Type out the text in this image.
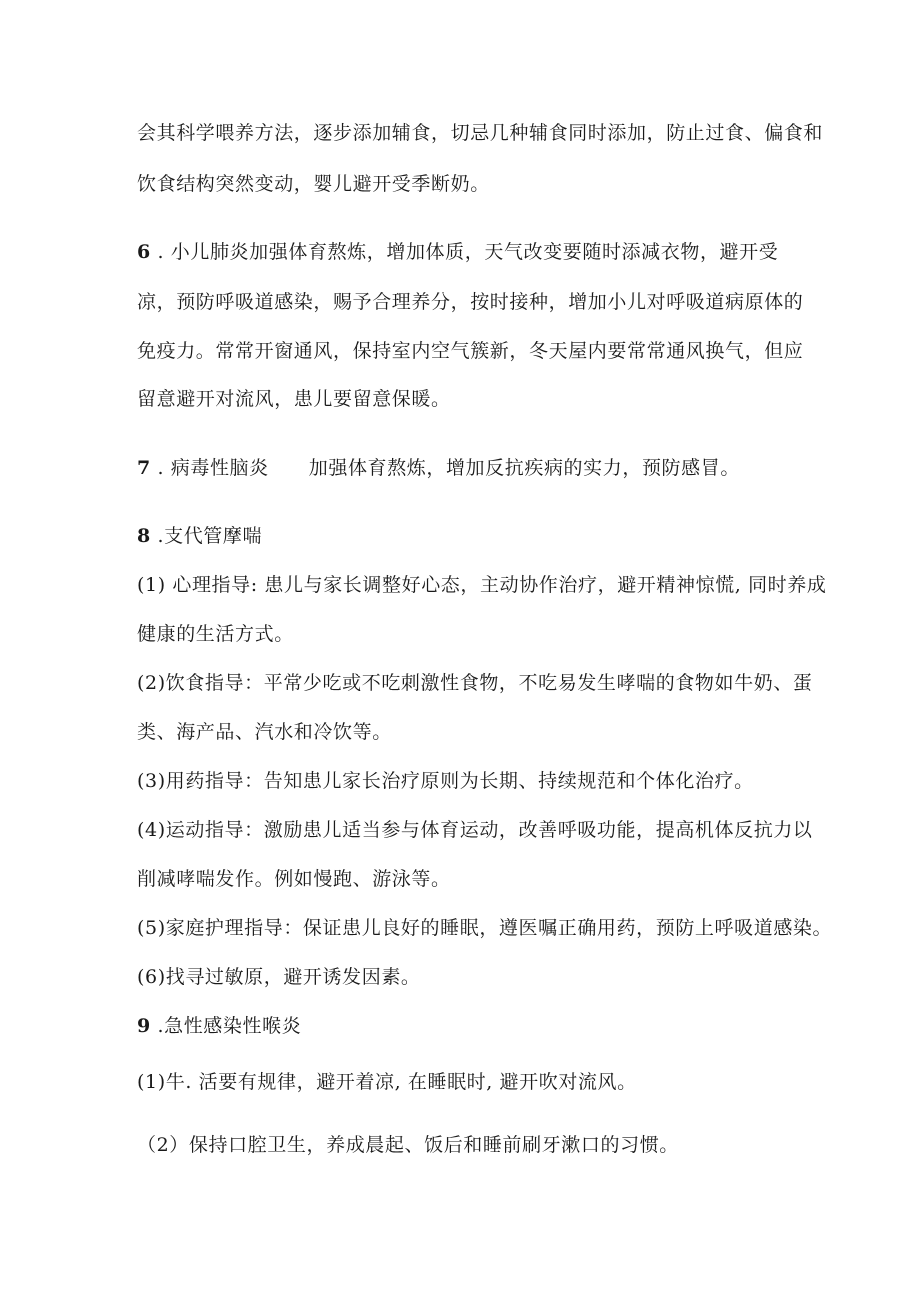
会其科学喂养方法，逐步添加辅食，切忌几种辅食同时添加，防止过食、偏食和
饮食结构突然变动，婴儿避开受季断奶。
6 . 小儿肺炎加强体育熬炼，增加体质，天气改变要随时添减衣物，避开受
凉，预防呼吸道感染，赐予合理养分，按时接种，增加小儿对呼吸道病原体的
免疫力。常常开窗通风，保持室内空气簇新，冬天屋内要常常通风换气，但应
留意避开对流风，患儿要留意保暖。
7 . 病毒性脑炎 加强体育熬炼，增加反抗疾病的实力，预防感冒。
8 .支代管摩喘
(1) 心理指导: 患儿与家长调整好心态，主动协作治疗，避开精神惊慌, 同时养成
健康的生活方式。
(2)饮食指导：平常少吃或不吃刺激性食物，不吃易发生哮喘的食物如牛奶、蛋
类、海产品、汽水和冷饮等。
(3)用药指导：告知患儿家长治疗原则为长期、持续规范和个体化治疗。
(4)运动指导：激励患儿适当参与体育运动，改善呼吸功能，提高机体反抗力以
削减哮喘发作。例如慢跑、游泳等。
(5)家庭护理指导：保证患儿良好的睡眠，遵医嘱正确用药，预防上呼吸道感染。
(6)找寻过敏原，避开诱发因素。
9 .急性感染性喉炎
(1)牛. 活要有规律，避开着凉, 在睡眠时, 避开吹对流风。
（2）保持口腔卫生，养成晨起、饭后和睡前刷牙漱口的习惯。
